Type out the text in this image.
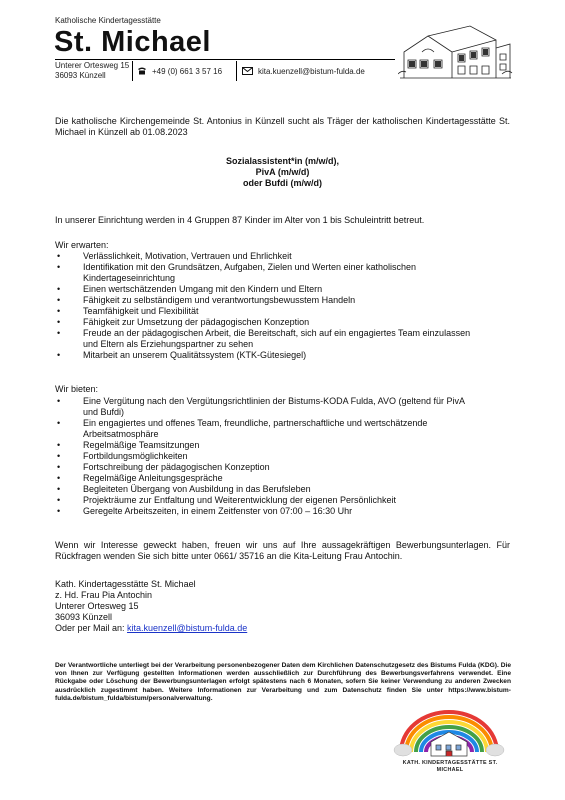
Katholische Kindertagesstätte
St. Michael
Unterer Ortesweg 15
36093 Künzell	+49 (0) 661 3 57 16	kita.kuenzell@bistum-fulda.de
Die katholische Kirchengemeinde St. Antonius in Künzell sucht als Träger der katholischen Kindertagesstätte St. Michael in Künzell ab 01.08.2023
Sozialassistent*in (m/w/d),
PivA (m/w/d)
oder Bufdi (m/w/d)
In unserer Einrichtung werden in 4 Gruppen 87 Kinder im Alter von 1 bis Schuleintritt betreut.
Wir erwarten:
• Verlässlichkeit, Motivation, Vertrauen und Ehrlichkeit
• Identifikation mit den Grundsätzen, Aufgaben, Zielen und Werten einer katholischen Kindertageseinrichtung
• Einen wertschätzenden Umgang mit den Kindern und Eltern
• Fähigkeit zu selbständigem und verantwortungsbewusstem Handeln
• Teamfähigkeit und Flexibilität
• Fähigkeit zur Umsetzung der pädagogischen Konzeption
• Freude an der pädagogischen Arbeit, die Bereitschaft, sich auf ein engagiertes Team einzulassen und Eltern als Erziehungspartner zu sehen
• Mitarbeit an unserem Qualitätssystem (KTK-Gütesiegel)
Wir bieten:
• Eine Vergütung nach den Vergütungsrichtlinien der Bistums-KODA Fulda, AVO (geltend für PivA und Bufdi)
• Ein engagiertes und offenes Team, freundliche, partnerschaftliche und wertschätzende Arbeitsatmosphäre
• Regelmäßige Teamsitzungen
• Fortbildungsmöglichkeiten
• Fortschreibung der pädagogischen Konzeption
• Regelmäßige Anleitungsgespräche
• Begleiteten Übergang von Ausbildung in das Berufsleben
• Projekträume zur Entfaltung und Weiterentwicklung der eigenen Persönlichkeit
• Geregelte Arbeitszeiten, in einem Zeitfenster von 07:00 – 16:30 Uhr
Wenn wir Interesse geweckt haben, freuen wir uns auf Ihre aussagekräftigen Bewerbungsunterlagen. Für Rückfragen wenden Sie sich bitte unter 0661/ 35716 an die Kita-Leitung Frau Antochin.
Kath. Kindertagesstätte St. Michael
z. Hd. Frau Pia Antochin
Unterer Ortesweg 15
36093 Künzell
Oder per Mail an: kita.kuenzell@bistum-fulda.de
Der Verantwortliche unterliegt bei der Verarbeitung personenbezogener Daten dem Kirchlichen Datenschutzgesetz des Bistums Fulda (KDG). Die von Ihnen zur Verfügung gestellten Informationen werden ausschließlich zur Durchführung des Bewerbungsverfahrens verwendet. Eine Rückgabe oder Löschung der Bewerbungsunterlagen erfolgt spätestens nach 6 Monaten, sofern Sie keiner Verwendung zu anderen Zwecken ausdrücklich zugestimmt haben. Weitere Informationen zur Verarbeitung und zum Datenschutz finden Sie unter https://www.bistum-fulda.de/bistum_fulda/bistum/personalverwaltung.
KATH. KINDERTAGESSTÄTTE ST. MICHAEL
